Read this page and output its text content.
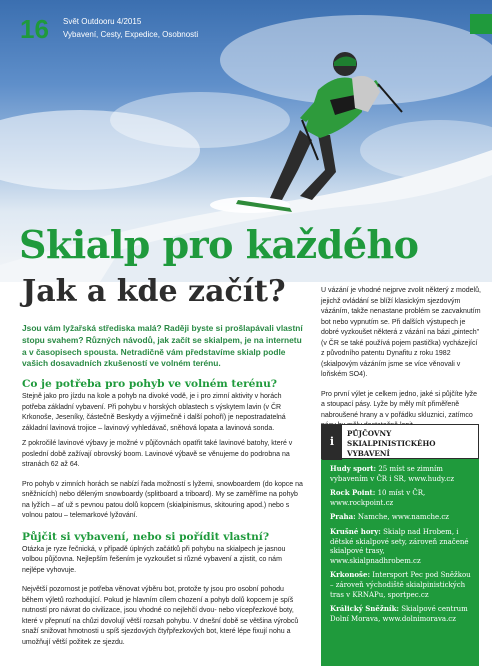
16 Svět Outdooru 4/2015
Vybavení, Cesty, Expedice, Osobnosti
Skialp pro každého
Jak a kde začít?

Jsou vám lyžařská střediska malá? Raději byste si prošlapávali vlastní stopu svahem? Různých návodů, jak začít se skialpem, je na internetu a v časopisech spousta. Netradičně vám představíme skialp podle vašich dosavadních zkušeností ve volném terénu.

Co je potřeba pro pohyb ve volném terénu?

Stejně jako pro jízdu na kole a pohyb na divoké vodě, je i pro zimní aktivity v horách potřeba základní vybavení. Při pohybu v horských oblastech s výskytem lavin (v ČR Krkonoše, Jeseníky, částečně Beskydy a výjimečně i další pohoří) je nepostradatelná základní lavinová trojice – lavinový vyhledávač, sněhová lopata a lavinová sonda.

Z pokročilé lavinové výbavy je možné v půjčovnách opatřit také lavinové batohy, které v poslední době zažívají obrovský boom. Lavinové výbavě se věnujeme do podrobna na stranách 62 až 64.

Pro pohyb v zimních horách se nabízí řada možností s lyžemi, snowboardem (do kopce na sněžnicích) nebo děleným snowboardy (splitboard a triboard). My se zaměříme na pohyb na lyžích – ať už s pevnou patou dolů kopcem (skialpinismus, skitouring apod.) nebo s volnou patou – telemarkové lyžování.

Půjčit si vybavení, nebo si pořídit vlastní?

Otázka je ryze řečnická, v případě úplných začátků při pohybu na skialpech je jasnou volbou půjčovna. Nejlepším řešením je vyzkoušet si různé vybavení a zjistit, co nám nejlépe vyhovuje.

Největší pozornost je potřeba věnovat výběru bot, protože ty jsou pro osobní pohodu během výletů rozhodující. Pokud je hlavním cílem chození a pohyb dolů kopcem je spíš nutností pro návrat do civilizace, jsou vhodné co nejlehčí dvou- nebo vícepřezkové boty, které v přepnutí na chůzi dovolují větší rozsah pohybu. V dnešní době se většina výrobců snaží snižovat hmotnosti u spíš sjezdových čtyřpřezkových bot, které lépe fixují nohu a umožňují větší požitek ze sjezdu.

U vázání je vhodné nejprve zvolit některý z modelů, jejichž ovládání se blíží klasickým sjezdovým vázáním, takže nenastane problém se zacvaknutím bot nebo vypnutím se. Při dalších výstupech je dobré vyzkoušet některá z vázání na bázi „pintech" (v ČR se také používá pojem pastička) vycházející z původního patentu Dynafitu z roku 1982 (skialpovým vázáním jsme se více věnovali v loňském SO4).

Pro první výlet je celkem jedno, jaké si půjčíte lyže a stoupací pásy. Lyže by měly mít přiměřeně nabroušené hrany a v pořádku skluznici, zatímco

i
PŮJČOVNY SKIALPINISTICKÉHO VYBAVENÍ

Hudy sport: 25 míst se zimním vybavením v ČR i SR, www.hudy.cz

Rock Point: 10 míst v ČR, www.rockpoint.cz

Praha: Namche, www.namche.cz

Krušné hory: Skialp nad Hrobem, i dětské skialpové sety, zároveň značené skialpové trasy, www.skialpnadhrobem.cz

Krkonoše: Intersport Pec pod Sněžkou – zároveň východiště skialpinistických tras v KRNAPu, sportpec.cz

Králický Sněžník: Skialpové centrum Dolní Morava, www.dolnimorava.cz
